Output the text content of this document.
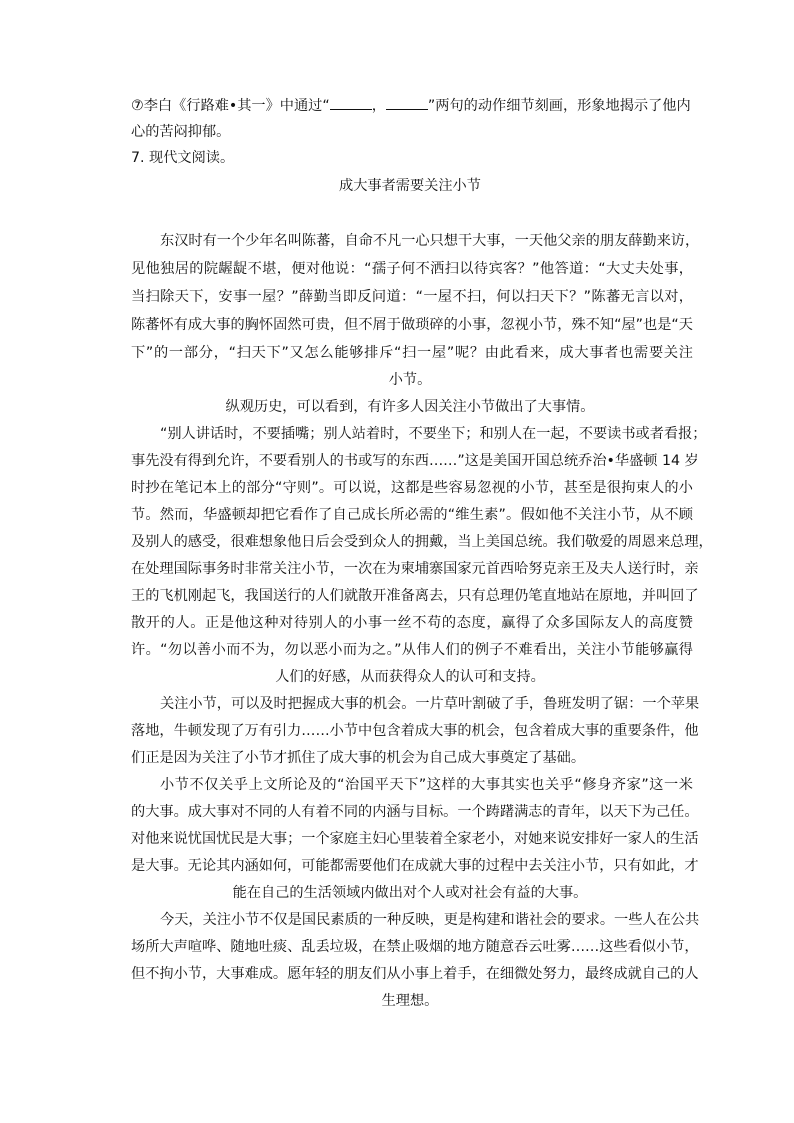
⑦李白《行路难•其一》中通过“	，	”两句的动作细节刻画，形象地揭示了他内
心的苦闷抑郁。
7. 现代文阅读。
成大事者需要关注小节
东汉时有一个少年名叫陈蕃，自命不凡一心只想干大事，一天他父亲的朋友薛勤来访，
见他独居的院龌龊不堪，便对他说：“孺子何不洒扫以待宾客？”他答道：“大丈夫处事，
当扫除天下，安事一屋？”薛勤当即反问道：“一屋不扫，何以扫天下？”陈蕃无言以对，
陈蕃怀有成大事的胸怀固然可贵，但不屑于做琐碎的小事，忽视小节，殊不知“屋”也是“天
下”的一部分，“扫天下”又怎么能够排斥“扫一屋”呢？由此看来，成大事者也需要关注
小节。
纵观历史，可以看到，有许多人因关注小节做出了大事情。
“别人讲话时，不要插嘴；别人站着时，不要坐下；和别人在一起，不要读书或者看报；
事先没有得到允许，不要看别人的书或写的东西……”这是美国开国总统乔治•华盛顿 14 岁
时抄在笔记本上的部分“守则”。可以说，这都是些容易忽视的小节，甚至是很拘束人的小
节。然而，华盛顿却把它看作了自己成长所必需的“维生素”。假如他不关注小节，从不顾
及别人的感受，很难想象他日后会受到众人的拥戴，当上美国总统。我们敬爱的周恩来总理，
在处理国际事务时非常关注小节，一次在为柬埔寨国家元首西哈努克亲王及夫人送行时，亲
王的飞机刚起飞，我国送行的人们就散开准备离去，只有总理仍笔直地站在原地，并叫回了
散开的人。正是他这种对待别人的小事一丝不苟的态度，赢得了众多国际友人的高度赞
许。“勿以善小而不为，勿以恶小而为之。”从伟人们的例子不难看出，关注小节能够赢得
人们的好感，从而获得众人的认可和支持。
关注小节，可以及时把握成大事的机会。一片草叶割破了手，鲁班发明了锯：一个苹果
落地，牛顿发现了万有引力……小节中包含着成大事的机会，包含着成大事的重要条件，他
们正是因为关注了小节才抓住了成大事的机会为自己成大事奠定了基础。
小节不仅关乎上文所论及的“治国平天下”这样的大事其实也关乎“修身齐家”这一米
的大事。成大事对不同的人有着不同的内涵与目标。一个踌躇满志的青年，以天下为己任。
对他来说忧国忧民是大事；一个家庭主妇心里装着全家老小，对她来说安排好一家人的生活
是大事。无论其内涵如何，可能都需要他们在成就大事的过程中去关注小节，只有如此，才
能在自己的生活领域内做出对个人或对社会有益的大事。
今天，关注小节不仅是国民素质的一种反映，更是构建和谐社会的要求。一些人在公共
场所大声喧哗、随地吐痰、乱丢垃圾，在禁止吸烟的地方随意吞云吐雾……这些看似小节，
但不拘小节，大事难成。愿年轻的朋友们从小事上着手，在细微处努力，最终成就自己的人
生理想。
